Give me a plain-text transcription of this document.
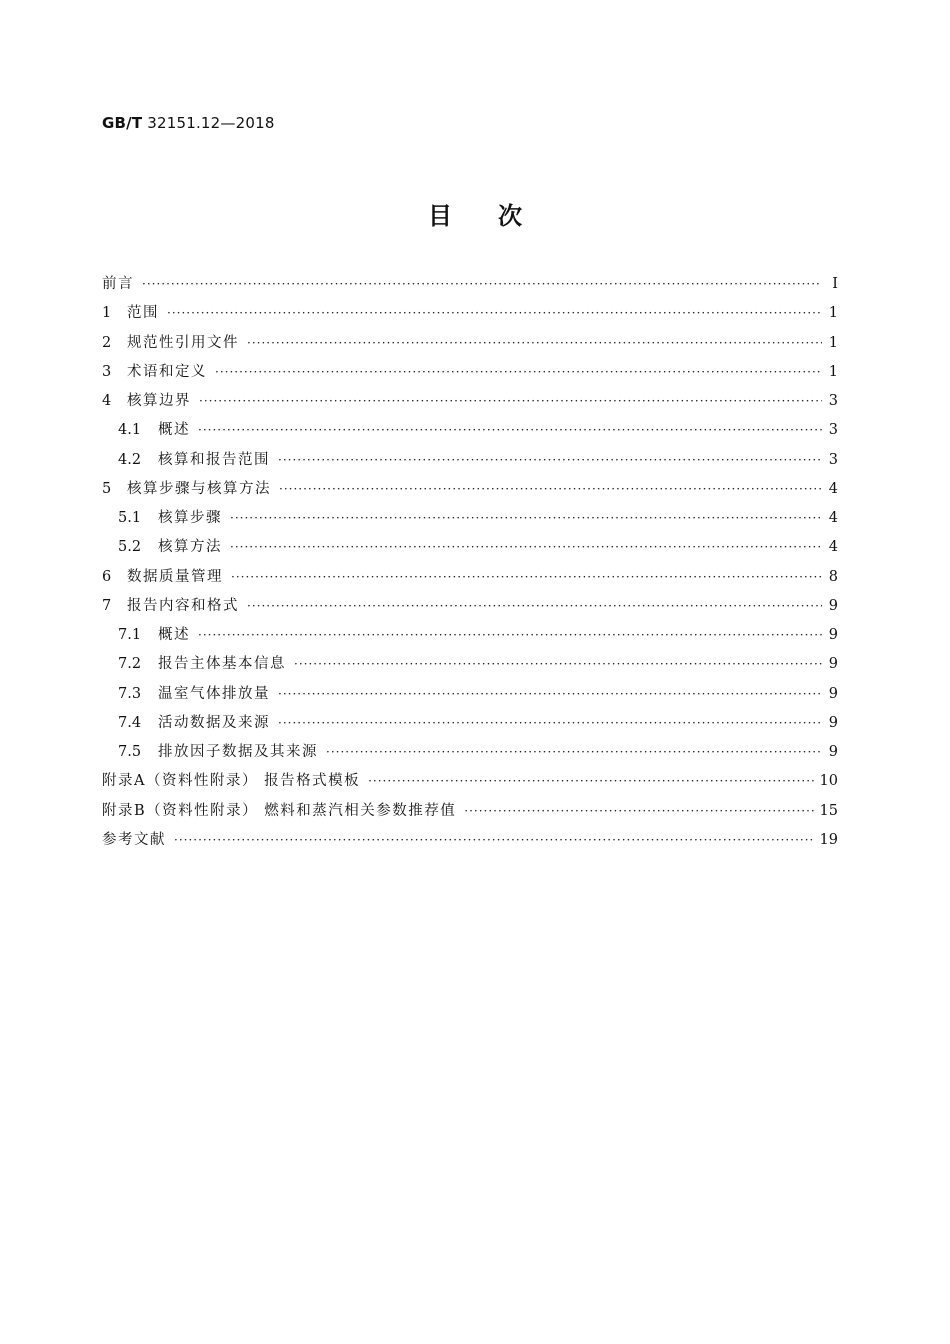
GB/T 32151.12—2018
目次
前言 ·····	I
1	范围 ·····	1
2	规范性引用文件 ·····	1
3	术语和定义 ·····	1
4	核算边界 ·····	3
4.1	概述 ·····	3
4.2	核算和报告范围 ·····	3
5	核算步骤与核算方法 ·····	4
5.1	核算步骤 ·····	4
5.2	核算方法 ·····	4
6	数据质量管理 ·····	8
7	报告内容和格式 ·····	9
7.1	概述 ·····	9
7.2	报告主体基本信息 ·····	9
7.3	温室气体排放量 ·····	9
7.4	活动数据及来源 ·····	9
7.5	排放因子数据及其来源 ·····	9
附录A（资料性附录） 报告格式模板 ·····	10
附录B（资料性附录） 燃料和蒸汽相关参数推荐值 ·····	15
参考文献 ·····	19
